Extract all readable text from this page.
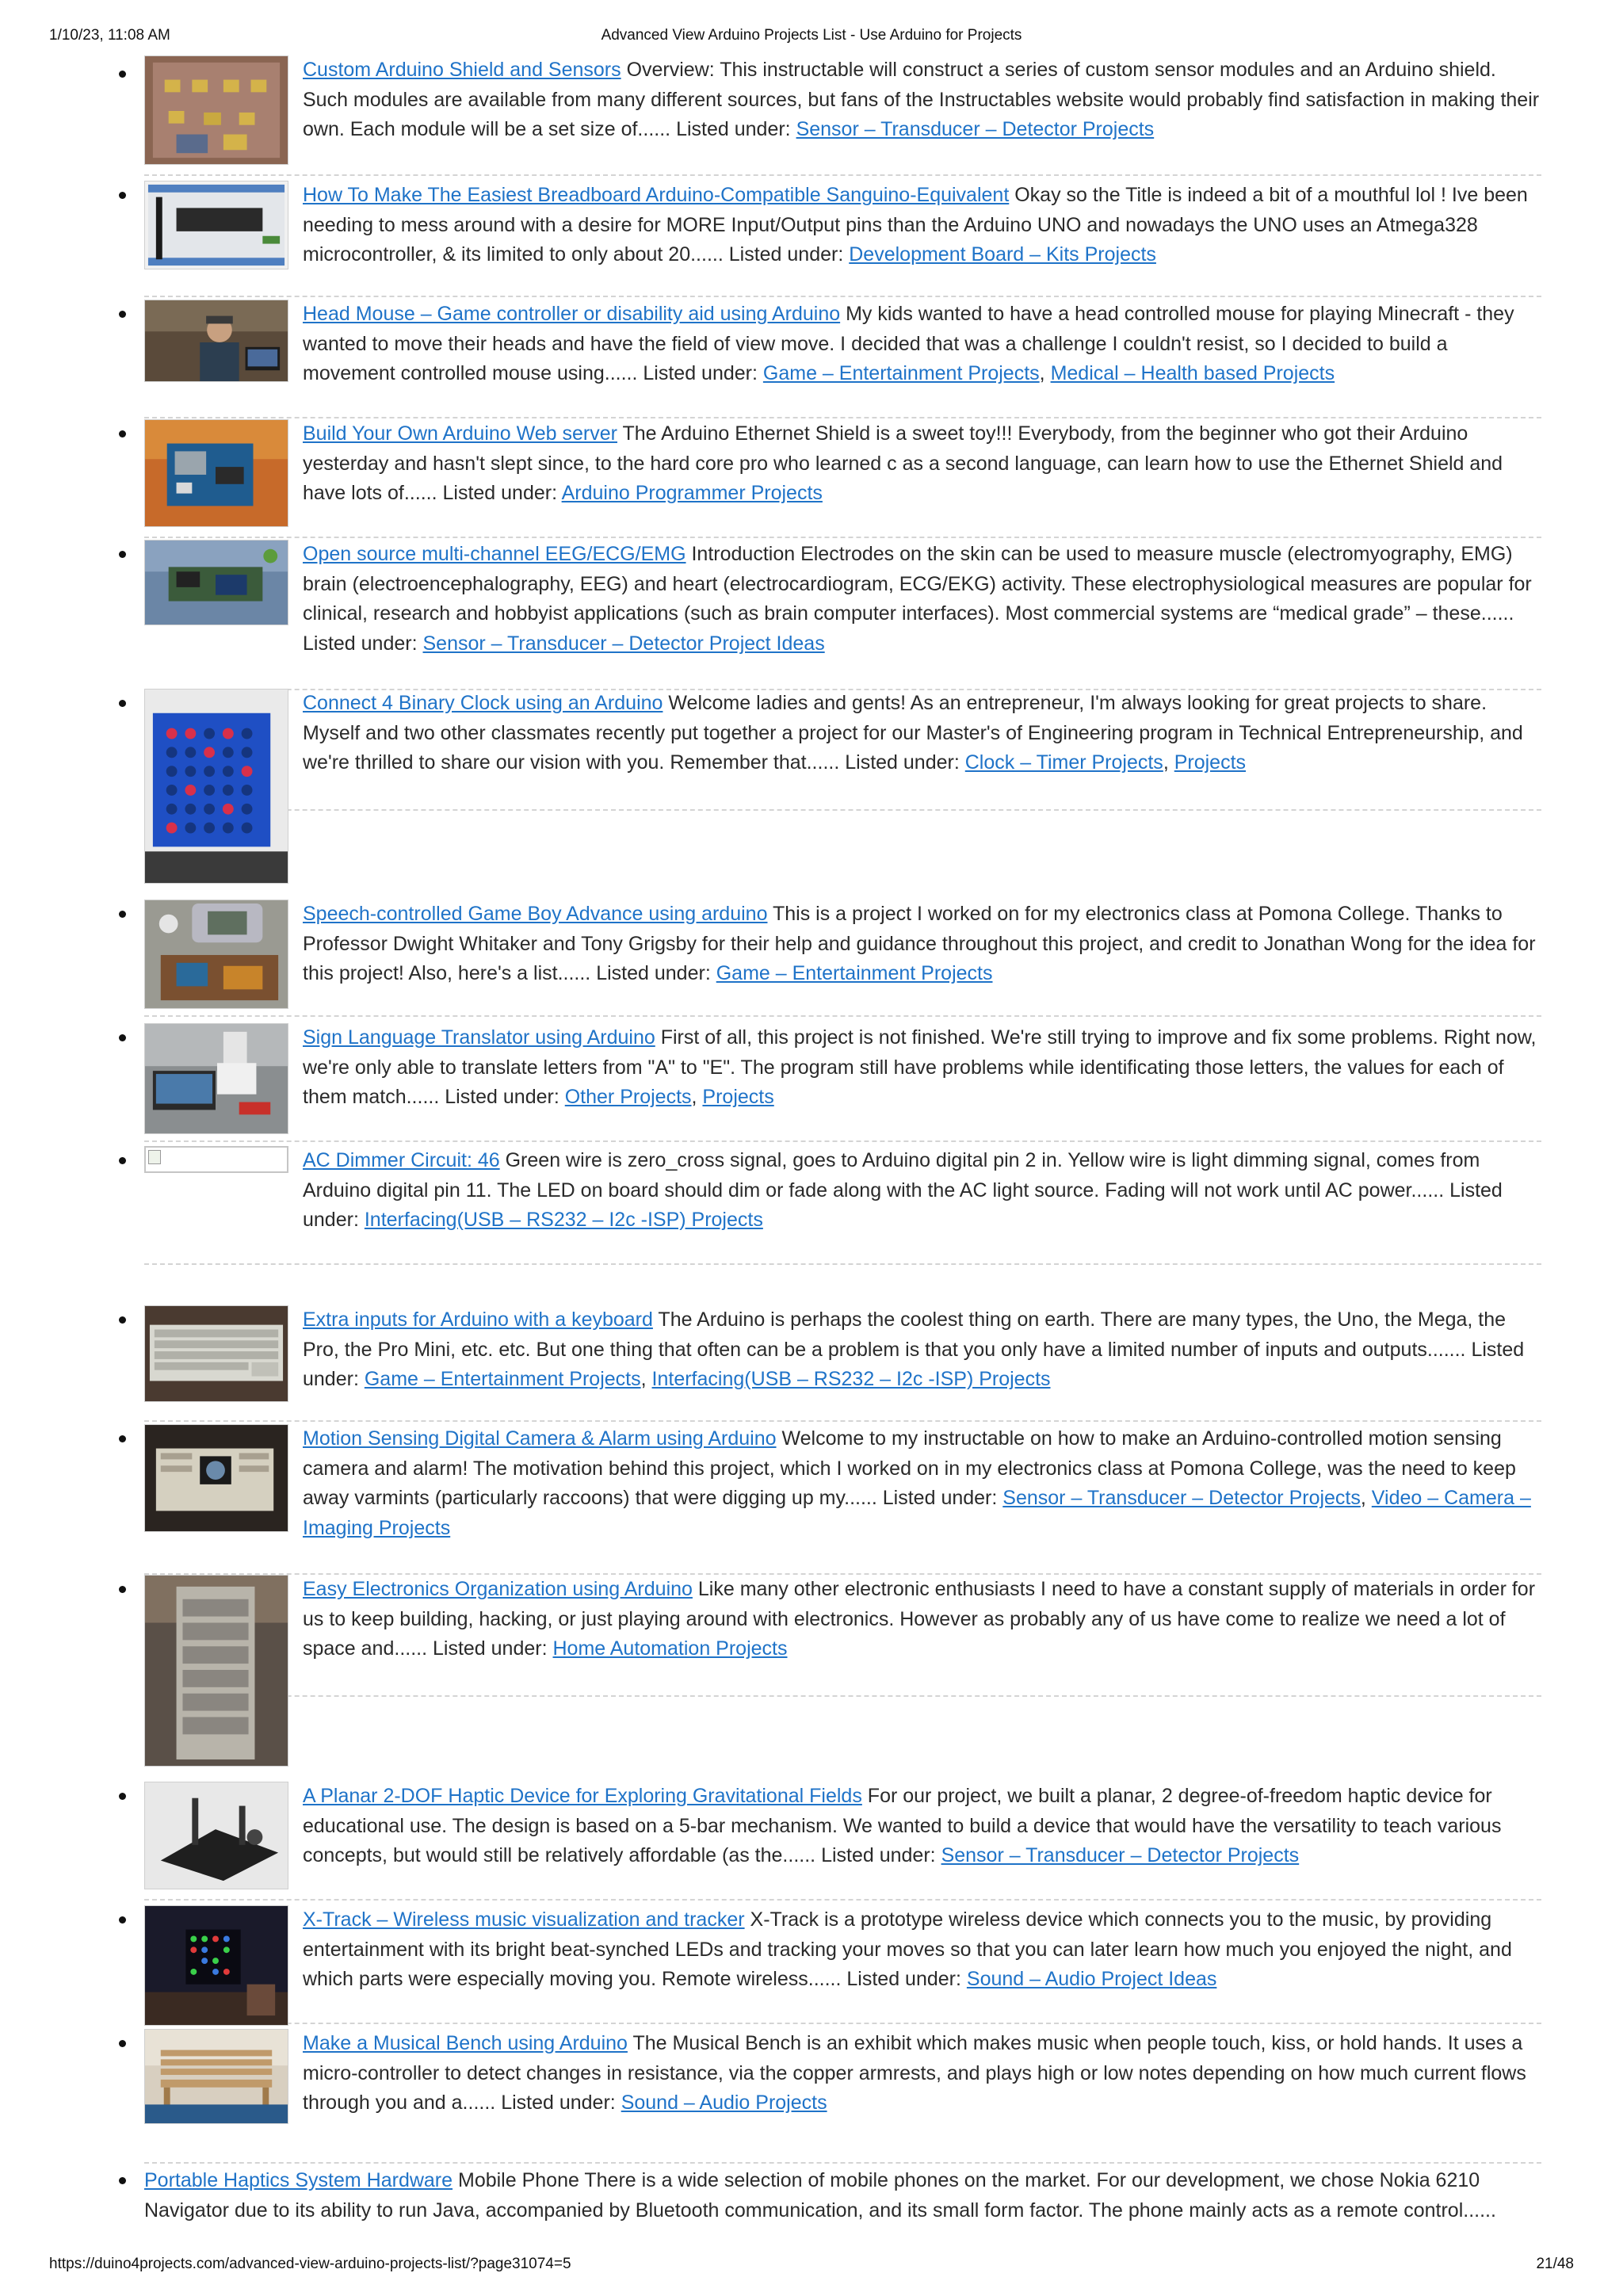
1/10/23, 11:08 AM	Advanced View Arduino Projects List - Use Arduino for Projects
Custom Arduino Shield and Sensors Overview: This instructable will construct a series of custom sensor modules and an Arduino shield. Such modules are available from many different sources, but fans of the Instructables website would probably find satisfaction in making their own. Each module will be a set size of...... Listed under: Sensor – Transducer – Detector Projects
How To Make The Easiest Breadboard Arduino-Compatible Sanguino-Equivalent Okay so the Title is indeed a bit of a mouthful lol ! Ive been needing to mess around with a desire for MORE Input/Output pins than the Arduino UNO and nowadays the UNO uses an Atmega328 microcontroller, & its limited to only about 20...... Listed under: Development Board – Kits Projects
Head Mouse – Game controller or disability aid using Arduino My kids wanted to have a head controlled mouse for playing Minecraft - they wanted to move their heads and have the field of view move. I decided that was a challenge I couldn't resist, so I decided to build a movement controlled mouse using...... Listed under: Game – Entertainment Projects, Medical – Health based Projects
Build Your Own Arduino Web server The Arduino Ethernet Shield is a sweet toy!!! Everybody, from the beginner who got their Arduino yesterday and hasn't slept since, to the hard core pro who learned c as a second language, can learn how to use the Ethernet Shield and have lots of...... Listed under: Arduino Programmer Projects
Open source multi-channel EEG/ECG/EMG Introduction Electrodes on the skin can be used to measure muscle (electromyography, EMG) brain (electroencephalography, EEG) and heart (electrocardiogram, ECG/EKG) activity. These electrophysiological measures are popular for clinical, research and hobbyist applications (such as brain computer interfaces). Most commercial systems are “medical grade” – these...... Listed under: Sensor – Transducer – Detector Project Ideas
Connect 4 Binary Clock using an Arduino Welcome ladies and gents! As an entrepreneur, I'm always looking for great projects to share. Myself and two other classmates recently put together a project for our Master's of Engineering program in Technical Entrepreneurship, and we're thrilled to share our vision with you. Remember that...... Listed under: Clock – Timer Projects, Projects
Speech-controlled Game Boy Advance using arduino This is a project I worked on for my electronics class at Pomona College. Thanks to Professor Dwight Whitaker and Tony Grigsby for their help and guidance throughout this project, and credit to Jonathan Wong for the idea for this project! Also, here's a list...... Listed under: Game – Entertainment Projects
Sign Language Translator using Arduino First of all, this project is not finished. We're still trying to improve and fix some problems. Right now, we're only able to translate letters from "A" to "E". The program still have problems while identificating those letters, the values for each of them match...... Listed under: Other Projects, Projects
AC Dimmer Circuit: 46 Green wire is zero_cross signal, goes to Arduino digital pin 2 in. Yellow wire is light dimming signal, comes from Arduino digital pin 11. The LED on board should dim or fade along with the AC light source. Fading will not work until AC power...... Listed under: Interfacing(USB – RS232 – I2c -ISP) Projects
Extra inputs for Arduino with a keyboard The Arduino is perhaps the coolest thing on earth. There are many types, the Uno, the Mega, the Pro, the Pro Mini, etc. etc. But one thing that often can be a problem is that you only have a limited number of inputs and outputs....... Listed under: Game – Entertainment Projects, Interfacing(USB – RS232 – I2c -ISP) Projects
Motion Sensing Digital Camera & Alarm using Arduino Welcome to my instructable on how to make an Arduino-controlled motion sensing camera and alarm! The motivation behind this project, which I worked on in my electronics class at Pomona College, was the need to keep away varmints (particularly raccoons) that were digging up my...... Listed under: Sensor – Transducer – Detector Projects, Video – Camera – Imaging Projects
Easy Electronics Organization using Arduino Like many other electronic enthusiasts I need to have a constant supply of materials in order for us to keep building, hacking, or just playing around with electronics. However as probably any of us have come to realize we need a lot of space and...... Listed under: Home Automation Projects
A Planar 2-DOF Haptic Device for Exploring Gravitational Fields For our project, we built a planar, 2 degree-of-freedom haptic device for educational use. The design is based on a 5-bar mechanism. We wanted to build a device that would have the versatility to teach various concepts, but would still be relatively affordable (as the...... Listed under: Sensor – Transducer – Detector Projects
X-Track – Wireless music visualization and tracker X-Track is a prototype wireless device which connects you to the music, by providing entertainment with its bright beat-synched LEDs and tracking your moves so that you can later learn how much you enjoyed the night, and which parts were especially moving you. Remote wireless...... Listed under: Sound – Audio Project Ideas
Make a Musical Bench using Arduino The Musical Bench is an exhibit which makes music when people touch, kiss, or hold hands. It uses a micro-controller to detect changes in resistance, via the copper armrests, and plays high or low notes depending on how much current flows through you and a...... Listed under: Sound – Audio Projects
Portable Haptics System Hardware Mobile Phone There is a wide selection of mobile phones on the market. For our development, we chose Nokia 6210 Navigator due to its ability to run Java, accompanied by Bluetooth communication, and its small form factor. The phone mainly acts as a remote control......
https://duino4projects.com/advanced-view-arduino-projects-list/?page31074=5	21/48
